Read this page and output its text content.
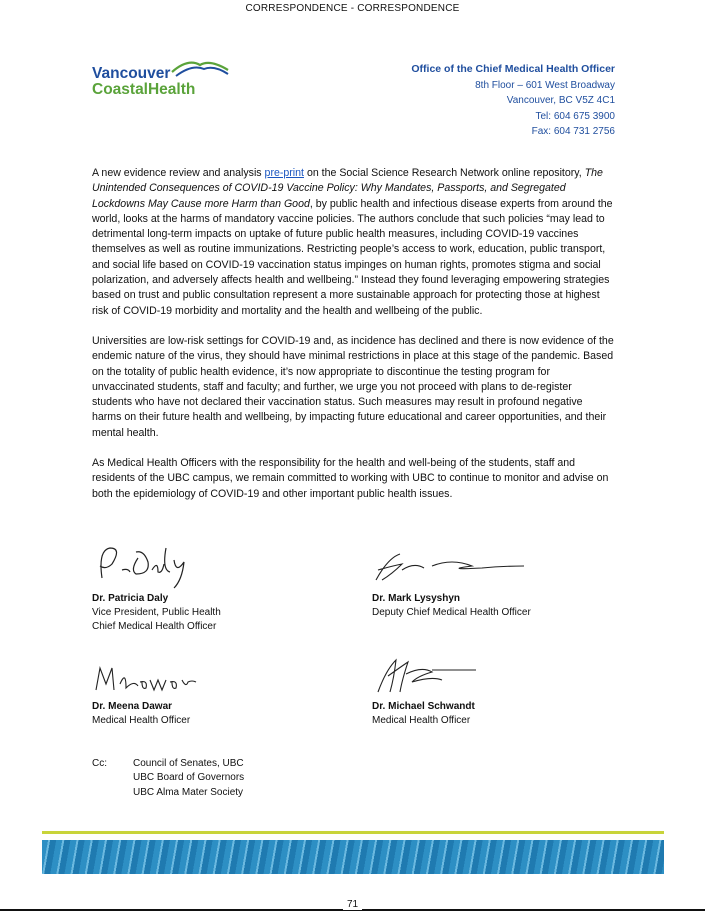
CORRESPONDENCE - CORRESPONDENCE
Vancouver
CoastalHealth
Office of the Chief Medical Health Officer
8th Floor – 601 West Broadway
Vancouver, BC V5Z 4C1
Tel: 604 675 3900
Fax: 604 731 2756

A new evidence review and analysis pre-print on the Social Science Research Network online repository, The Unintended Consequences of COVID-19 Vaccine Policy: Why Mandates, Passports, and Segregated Lockdowns May Cause more Harm than Good, by public health and infectious disease experts from around the world, looks at the harms of mandatory vaccine policies. The authors conclude that such policies “may lead to detrimental long-term impacts on uptake of future public health measures, including COVID-19 vaccines themselves as well as routine immunizations. Restricting people’s access to work, education, public transport, and social life based on COVID-19 vaccination status impinges on human rights, promotes stigma and social polarization, and adversely affects health and wellbeing.” Instead they found leveraging empowering strategies based on trust and public consultation represent a more sustainable approach for protecting those at highest risk of COVID-19 morbidity and mortality and the health and wellbeing of the public.

Universities are low-risk settings for COVID-19 and, as incidence has declined and there is now evidence of the endemic nature of the virus, they should have minimal restrictions in place at this stage of the pandemic. Based on the totality of public health evidence, it’s now appropriate to discontinue the testing program for unvaccinated students, staff and faculty; and further, we urge you not proceed with plans to de-register students who have not declared their vaccination status. Such measures may result in profound negative harms on their future health and wellbeing, by impacting future educational and career opportunities, and their mental health.

As Medical Health Officers with the responsibility for the health and well-being of the students, staff and residents of the UBC campus, we remain committed to working with UBC to continue to monitor and advise on both the epidemiology of COVID-19 and other important public health issues.

Dr. Patricia Daly
Vice President, Public Health
Chief Medical Health Officer
Dr. Mark Lysyshyn
Deputy Chief Medical Health Officer
Dr. Meena Dawar
Medical Health Officer
Dr. Michael Schwandt
Medical Health Officer
Cc:	Council of Senates, UBC
UBC Board of Governors
UBC Alma Mater Society
71
